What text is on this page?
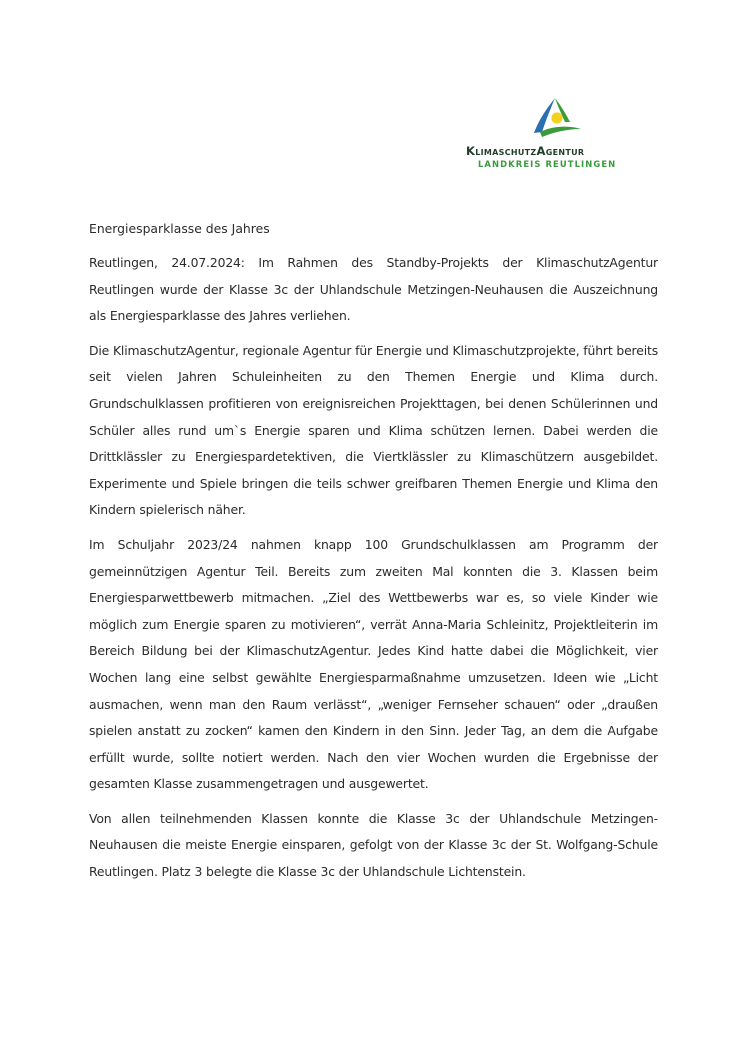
KlimaschutzAgentur
LANDKREIS REUTLINGEN

Energiesparklasse des Jahres

Reutlingen, 24.07.2024: Im Rahmen des Standby-Projekts der KlimaschutzAgentur Reutlingen wurde der Klasse 3c der Uhlandschule Metzingen-Neuhausen die Auszeichnung als Energiesparklasse des Jahres verliehen.

Die KlimaschutzAgentur, regionale Agentur für Energie und Klimaschutzprojekte, führt bereits seit vielen Jahren Schuleinheiten zu den Themen Energie und Klima durch. Grundschulklassen profitieren von ereignisreichen Projekttagen, bei denen Schülerinnen und Schüler alles rund um`s Energie sparen und Klima schützen lernen. Dabei werden die Drittklässler zu Energiespardetektiven, die Viertklässler zu Klimaschützern ausgebildet. Experimente und Spiele bringen die teils schwer greifbaren Themen Energie und Klima den Kindern spielerisch näher.

Im Schuljahr 2023/24 nahmen knapp 100 Grundschulklassen am Programm der gemeinnützigen Agentur Teil. Bereits zum zweiten Mal konnten die 3. Klassen beim Energiesparwettbewerb mitmachen. „Ziel des Wettbewerbs war es, so viele Kinder wie möglich zum Energie sparen zu motivieren“, verrät Anna-Maria Schleinitz, Projektleiterin im Bereich Bildung bei der KlimaschutzAgentur. Jedes Kind hatte dabei die Möglichkeit, vier Wochen lang eine selbst gewählte Energiesparmaßnahme umzusetzen. Ideen wie „Licht ausmachen, wenn man den Raum verlässt“, „weniger Fernseher schauen“ oder „draußen spielen anstatt zu zocken“ kamen den Kindern in den Sinn. Jeder Tag, an dem die Aufgabe erfüllt wurde, sollte notiert werden. Nach den vier Wochen wurden die Ergebnisse der gesamten Klasse zusammengetragen und ausgewertet.

Von allen teilnehmenden Klassen konnte die Klasse 3c der Uhlandschule Metzingen-Neuhausen die meiste Energie einsparen, gefolgt von der Klasse 3c der St. Wolfgang-Schule Reutlingen. Platz 3 belegte die Klasse 3c der Uhlandschule Lichtenstein.
